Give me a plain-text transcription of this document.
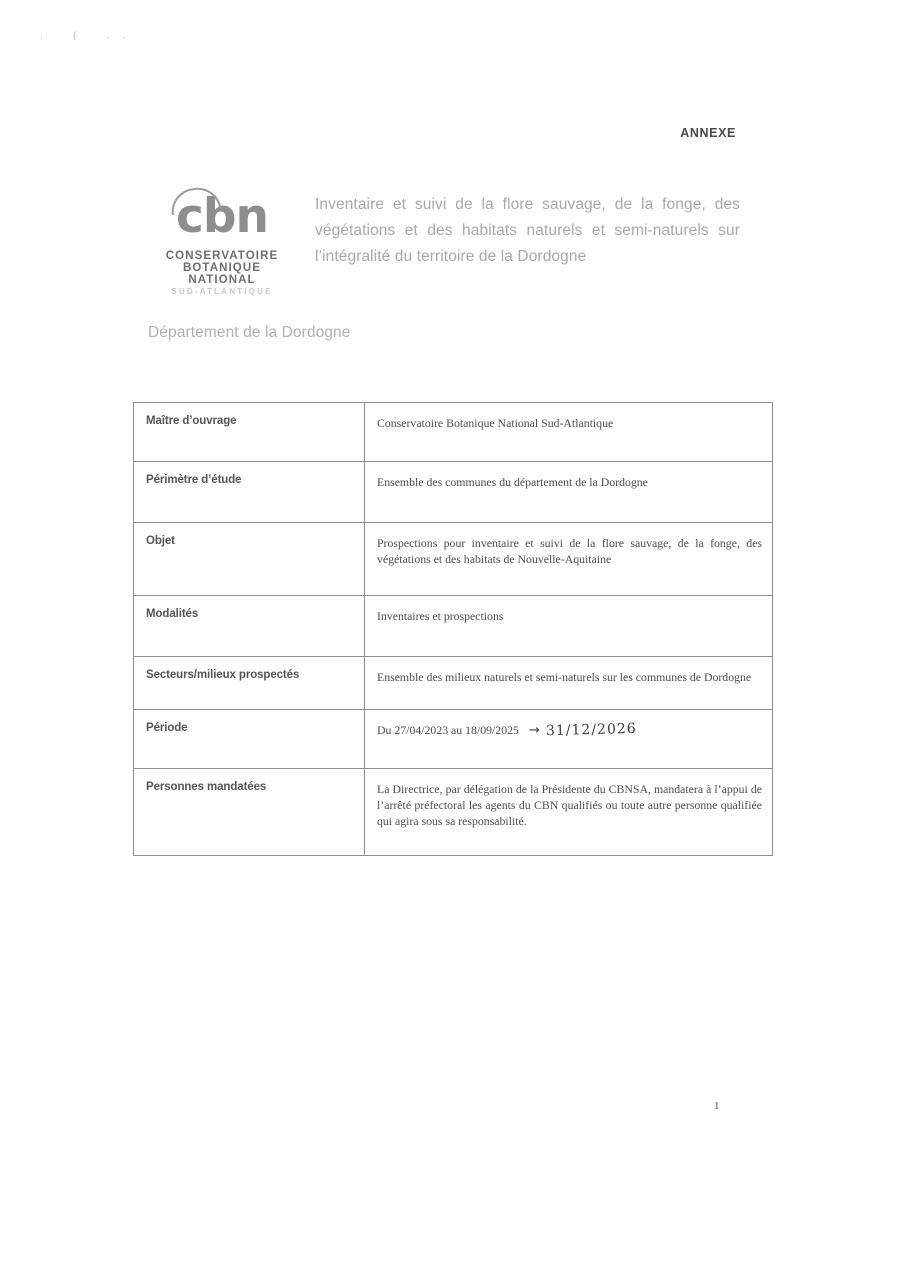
, ( ..
ANNEXE
cbn
CONSERVATOIRE
BOTANIQUE NATIONAL
SUD-ATLANTIQUE
Inventaire et suivi de la flore sauvage, de la fonge, des végétations et des habitats naturels et semi-naturels sur l’intégralité du territoire de la Dordogne
Département de la Dordogne
Maître d’ouvrage	Conservatoire Botanique National Sud-Atlantique
Périmètre d’étude	Ensemble des communes du département de la Dordogne
Objet	Prospections pour inventaire et suivi de la flore sauvage, de la fonge, des végétations et des habitats de Nouvelle-Aquitaine
Modalités	Inventaires et prospections
Secteurs/milieux prospectés	Ensemble des milieux naturels et semi-naturels sur les communes de Dordogne
Période	Du 27/04/2023 au 18/09/2025 → 31/12/2026
Personnes mandatées	La Directrice, par délégation de la Présidente du CBNSA, mandatera à l’appui de l’arrêté préfectoral les agents du CBN qualifiés ou toute autre personne qualifiée qui agira sous sa responsabilité.
1
